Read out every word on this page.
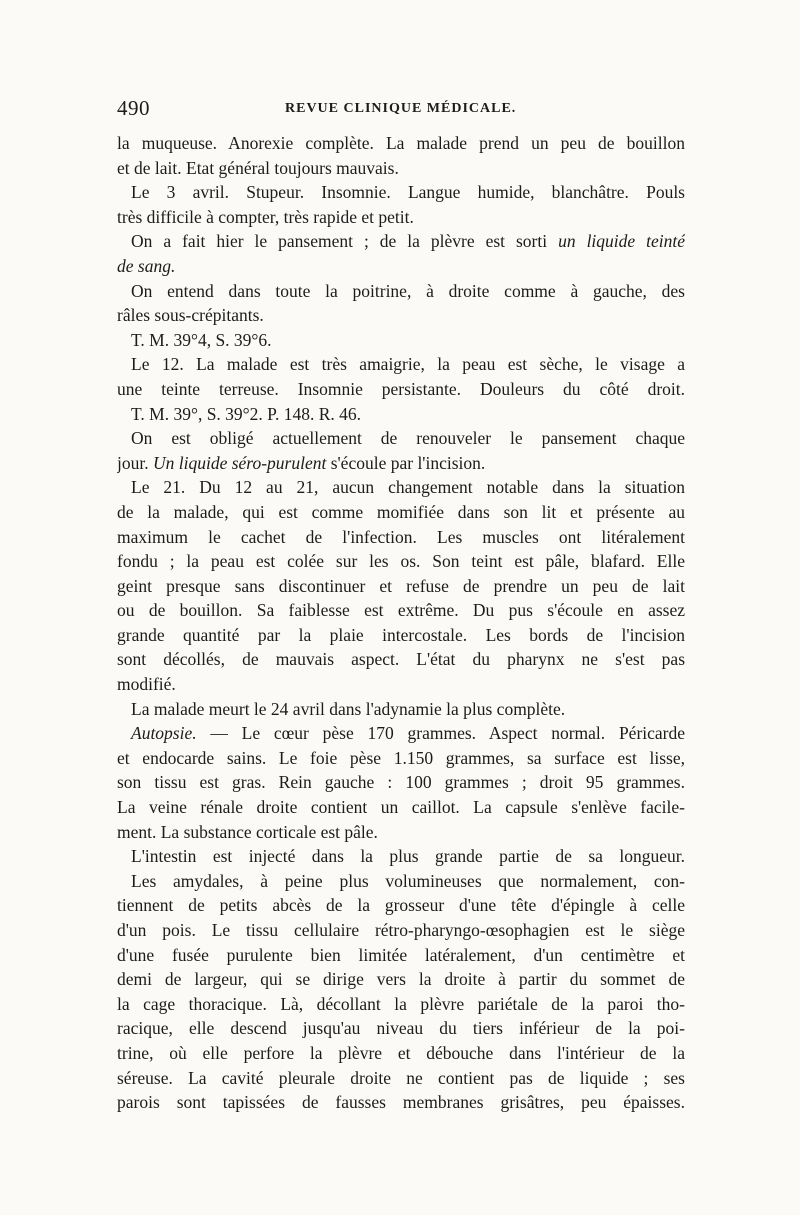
490	REVUE CLINIQUE MÉDICALE.
la muqueuse. Anorexie complète. La malade prend un peu de bouillon
et de lait. Etat général toujours mauvais.
Le 3 avril. Stupeur. Insomnie. Langue humide, blanchâtre. Pouls
très difficile à compter, très rapide et petit.
On a fait hier le pansement ; de la plèvre est sorti un liquide teinté
de sang.
On entend dans toute la poitrine, à droite comme à gauche, des
râles sous-crépitants.
T. M. 39°4, S. 39°6.
Le 12. La malade est très amaigrie, la peau est sèche, le visage a
une teinte terreuse. Insomnie persistante. Douleurs du côté droit.
T. M. 39°, S. 39°2. P. 148. R. 46.
On est obligé actuellement de renouveler le pansement chaque
jour. Un liquide séro-purulent s'écoule par l'incision.
Le 21. Du 12 au 21, aucun changement notable dans la situation
de la malade, qui est comme momifiée dans son lit et présente au
maximum le cachet de l'infection. Les muscles ont litéralement
fondu ; la peau est colée sur les os. Son teint est pâle, blafard. Elle
geint presque sans discontinuer et refuse de prendre un peu de lait
ou de bouillon. Sa faiblesse est extrême. Du pus s'écoule en assez
grande quantité par la plaie intercostale. Les bords de l'incision
sont décollés, de mauvais aspect. L'état du pharynx ne s'est pas
modifié.
La malade meurt le 24 avril dans l'adynamie la plus complète.
Autopsie. — Le cœur pèse 170 grammes. Aspect normal. Péricarde
et endocarde sains. Le foie pèse 1.150 grammes, sa surface est lisse,
son tissu est gras. Rein gauche : 100 grammes ; droit 95 grammes.
La veine rénale droite contient un caillot. La capsule s'enlève facile-
ment. La substance corticale est pâle.
L'intestin est injecté dans la plus grande partie de sa longueur.
Les amydales, à peine plus volumineuses que normalement, con-
tiennent de petits abcès de la grosseur d'une tête d'épingle à celle
d'un pois. Le tissu cellulaire rétro-pharyngo-œsophagien est le siège
d'une fusée purulente bien limitée latéralement, d'un centimètre et
demi de largeur, qui se dirige vers la droite à partir du sommet de
la cage thoracique. Là, décollant la plèvre pariétale de la paroi tho-
racique, elle descend jusqu'au niveau du tiers inférieur de la poi-
trine, où elle perfore la plèvre et débouche dans l'intérieur de la
séreuse. La cavité pleurale droite ne contient pas de liquide ; ses
parois sont tapissées de fausses membranes grisâtres, peu épaisses.
